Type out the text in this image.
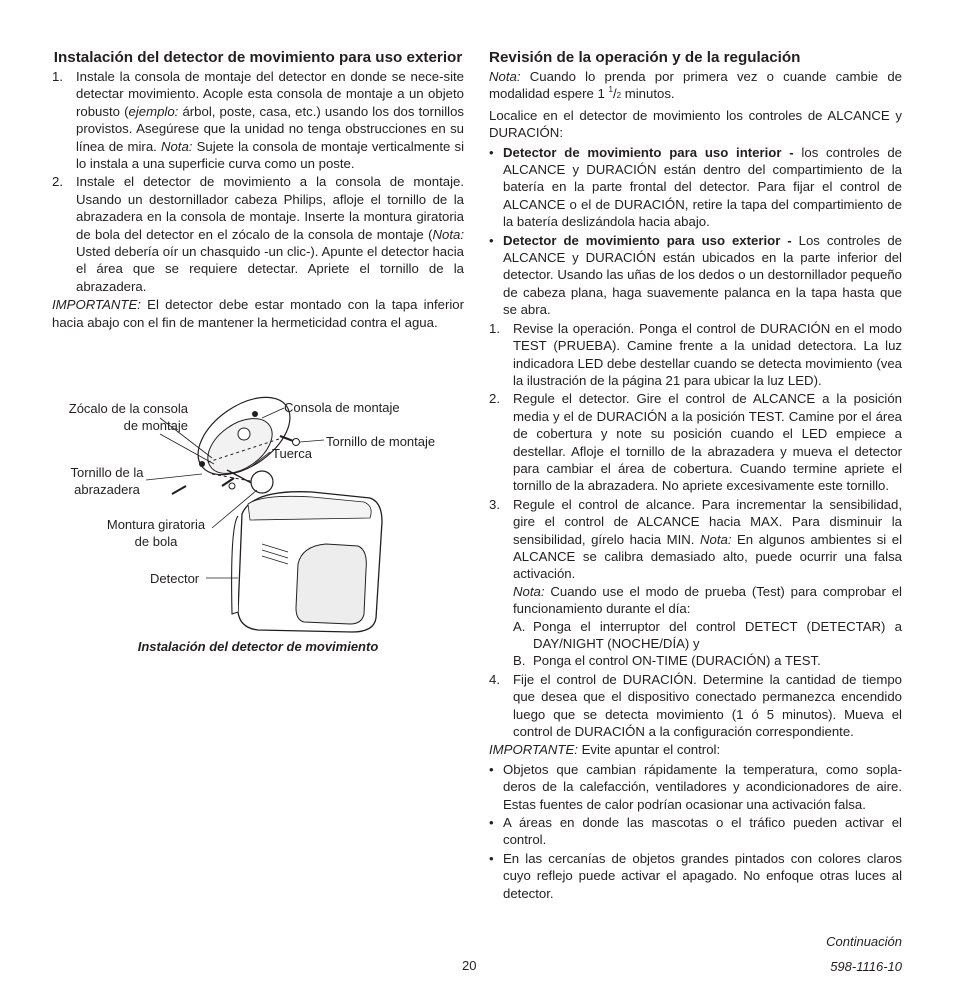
Instalación del detector de movimiento para uso exterior
1. Instale la consola de montaje del detector en donde se nece-site detectar movimiento. Acople esta consola de montaje a un objeto robusto (ejemplo: árbol, poste, casa, etc.) usando los dos tornillos provistos. Asegúrese que la unidad no tenga obstrucciones en su línea de mira. Nota: Sujete la consola de montaje verticalmente si lo instala a una superficie curva como un poste.
2. Instale el detector de movimiento a la consola de montaje. Usando un destornillador cabeza Philips, afloje el tornillo de la abrazadera en la consola de montaje. Inserte la montura giratoria de bola del detector en el zócalo de la consola de montaje (Nota: Usted debería oír un chasquido -un clic-). Apunte el detector hacia el área que se requiere detectar. Apriete el tornillo de la abrazadera.

IMPORTANTE: El detector debe estar montado con la tapa inferior hacia abajo con el fin de mantener la hermeticidad contra el agua.

Zócalo de la consola
de montaje
Consola de montaje
Tornillo de montaje
Tuerca
Tornillo de la
abrazadera
Montura giratoria
de bola
Detector
Instalación del detector de movimiento
Revisión de la operación y de la regulación

Nota: Cuando lo prenda por primera vez o cuande cambie de modalidad espere 1 $^1$/2 minutos.

Localice en el detector de movimiento los controles de ALCANCE y DURACIÓN:

• Detector de movimiento para uso interior - los controles de ALCANCE y DURACIÓN están dentro del compartimiento de la batería en la parte frontal del detector. Para fijar el control de ALCANCE o el de DURACIÓN, retire la tapa del compartimiento de la batería deslizándola hacia abajo.
• Detector de movimiento para uso exterior - Los controles de ALCANCE y DURACIÓN están ubicados en la parte inferior del detector. Usando las uñas de los dedos o un destornillador pequeño de cabeza plana, haga suavemente palanca en la tapa hasta que se abra.
1. Revise la operación. Ponga el control de DURACIÓN en el modo TEST (PRUEBA). Camine frente a la unidad detectora. La luz indicadora LED debe destellar cuando se detecta movimiento (vea la ilustración de la página 21 para ubicar la luz LED).
2. Regule el detector. Gire el control de ALCANCE a la posición media y el de DURACIÓN a la posición TEST. Camine por el área de cobertura y note su posición cuando el LED empiece a destellar. Afloje el tornillo de la abrazadera y mueva el detector para cambiar el área de cobertura. Cuando termine apriete el tornillo de la abrazadera. No apriete excesivamente este tornillo.
3. Regule el control de alcance. Para incrementar la sensibilidad, gire el control de ALCANCE hacia MAX. Para disminuir la sensibilidad, gírelo hacia MIN. Nota: En algunos ambientes si el ALCANCE se calibra demasiado alto, puede ocurrir una falsa activación.
Nota: Cuando use el modo de prueba (Test) para comprobar el funcionamiento durante el día:
A. Ponga el interruptor del control DETECT (DETECTAR) a DAY/NIGHT (NOCHE/DÍA) y
B. Ponga el control ON-TIME (DURACIÓN) a TEST.
4. Fije el control de DURACIÓN. Determine la cantidad de tiempo que desea que el dispositivo conectado permanezca encendido luego que se detecta movimiento (1 ó 5 minutos). Mueva el control de DURACIÓN a la configuración correspondiente.

IMPORTANTE: Evite apuntar el control:

• Objetos que cambian rápidamente la temperatura, como sopla-deros de la calefacción, ventiladores y acondicionadores de aire. Estas fuentes de calor podrían ocasionar una activación falsa.
• A áreas en donde las mascotas o el tráfico pueden activar el control.
• En las cercanías de objetos grandes pintados con colores claros cuyo reflejo puede activar el apagado. No enfoque otras luces al detector.
20
Continuación
598-1116-10
